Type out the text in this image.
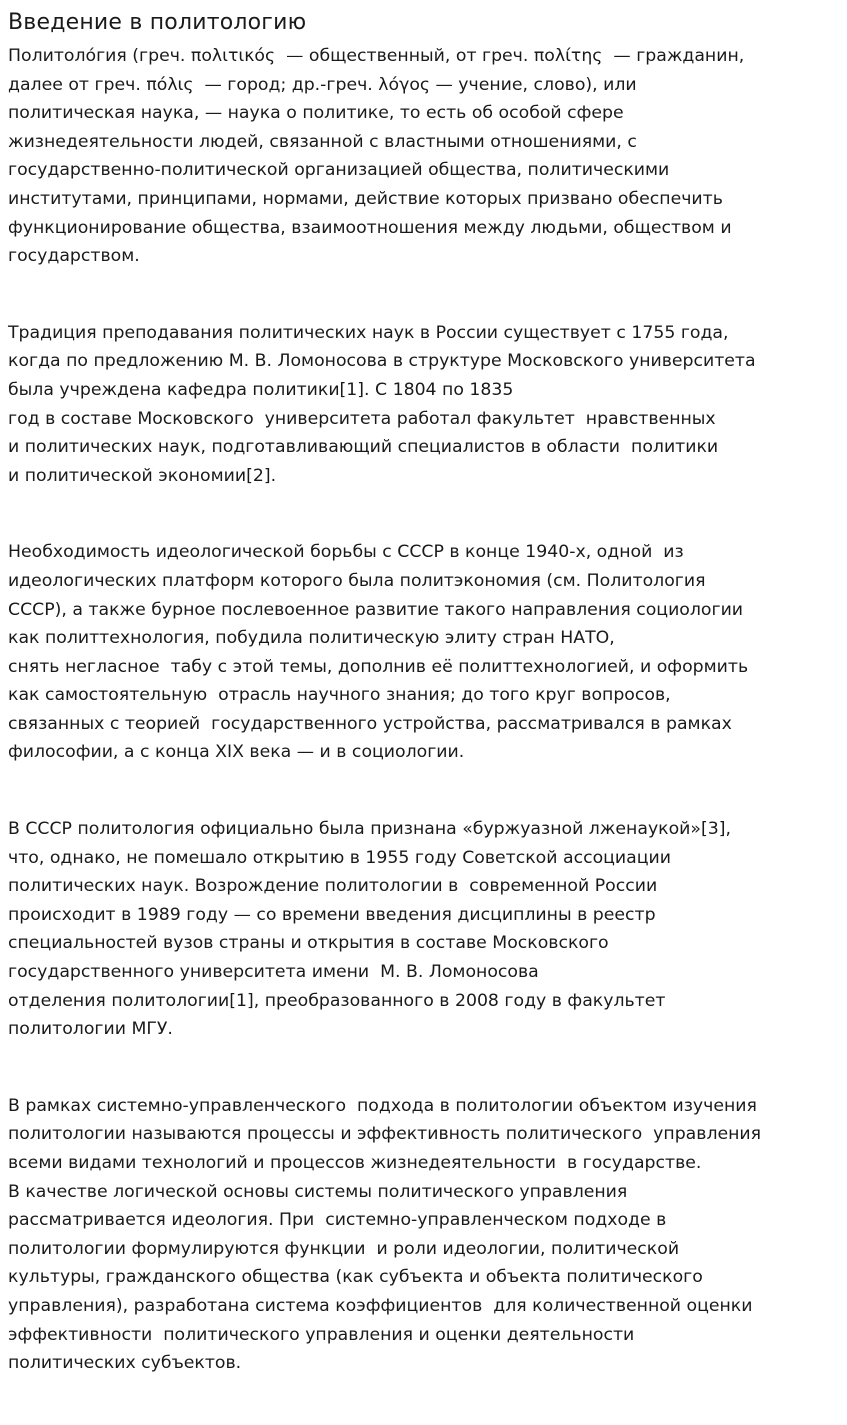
Введение в политологию

Политоло́гия (греч. πολιτικός  — общественный, от греч. πολίτης  — гражданин,
далее от греч. πόλις  — город; др.-греч. λόγος — учение, слово), или
политическая наука, — наука о политике, то есть об особой сфере
жизнедеятельности людей, связанной с властными отношениями, с
государственно-политической организацией общества, политическими
институтами, принципами, нормами, действие которых призвано обеспечить
функционирование общества, взаимоотношения между людьми, обществом и
государством.

Традиция преподавания политических наук в России существует с 1755 года,
когда по предложению М. В. Ломоносова в структуре Московского университета
была учреждена кафедра политики[1]. С 1804 по 1835
год в составе Московского  университета работал факультет  нравственных
и политических наук, подготавливающий специалистов в области  политики
и политической экономии[2].

Необходимость идеологической борьбы с СССР в конце 1940-х, одной  из
идеологических платформ которого была политэкономия (см. Политология
СССР), а также бурное послевоенное развитие такого направления социологии
как политтехнология, побудила политическую элиту стран НАТО,
снять негласное  табу с этой темы, дополнив её политтехнологией, и оформить
как самостоятельную  отрасль научного знания; до того круг вопросов,
связанных с теорией  государственного устройства, рассматривался в рамках
философии, а с конца XIX века — и в социологии.

В СССР политология официально была признана «буржуазной лженаукой»[3],
что, однако, не помешало открытию в 1955 году Советской ассоциации
политических наук. Возрождение политологии в  современной России
происходит в 1989 году — со времени введения дисциплины в реестр
специальностей вузов страны и открытия в составе Московского
государственного университета имени  М. В. Ломоносова
отделения политологии[1], преобразованного в 2008 году в факультет
политологии МГУ.

В рамках системно-управленческого  подхода в политологии объектом изучения
политологии называются процессы и эффективность политического  управления
всеми видами технологий и процессов жизнедеятельности  в государстве.
В качестве логической основы системы политического управления
рассматривается идеология. При  системно-управленческом подходе в
политологии формулируются функции  и роли идеологии, политической
культуры, гражданского общества (как субъекта и объекта политического
управления), разработана система коэффициентов  для количественной оценки
эффективности  политического управления и оценки деятельности
политических субъектов.
